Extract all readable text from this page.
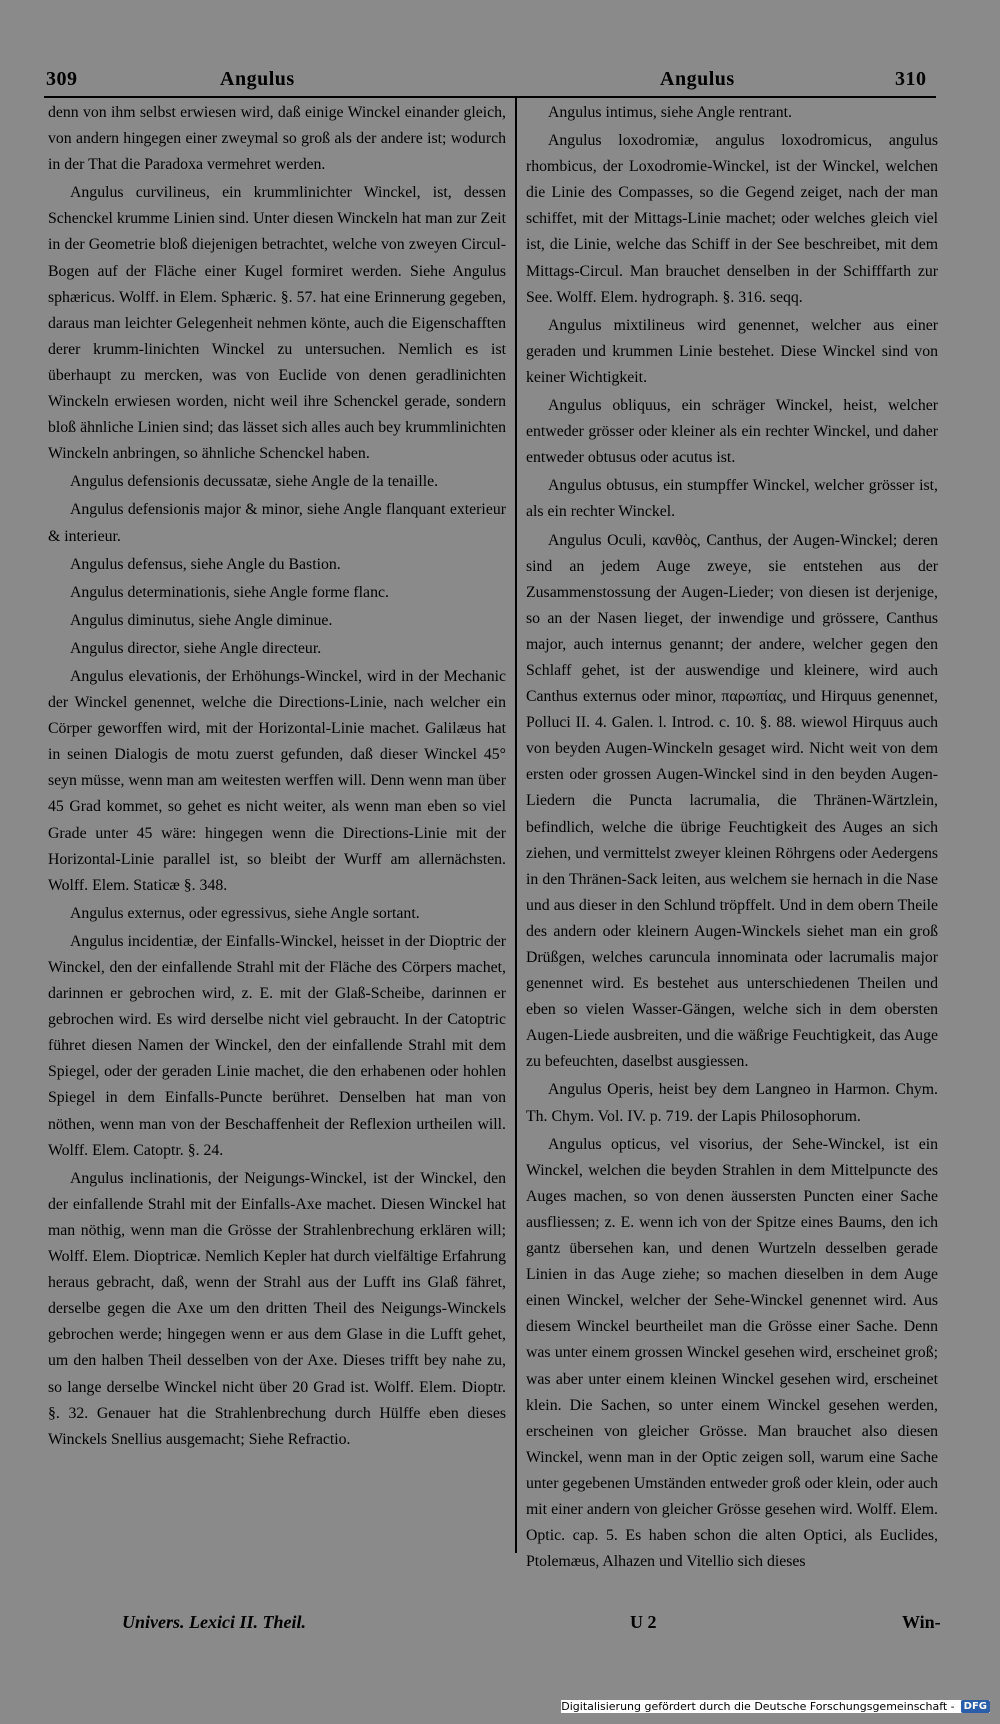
309	Angulus	Angulus	310

denn von ihm selbst erwiesen wird, daß einige Winckel einander gleich, von andern hingegen einer zweymal so groß als der andere ist; wodurch in der That die Paradoxa vermehret werden.

Angulus curvilineus, ein krummlinichter Winckel, ist, dessen Schenckel krumme Linien sind. Unter diesen Winckeln hat man zur Zeit in der Geometrie bloß diejenigen betrachtet, welche von zweyen Circul-Bogen auf der Fläche einer Kugel formiret werden. Siehe Angulus sphæricus. Wolff. in Elem. Sphæric. §. 57. hat eine Erinnerung gegeben, daraus man leichter Gelegenheit nehmen könte, auch die Eigenschafften derer krumm-linichten Winckel zu untersuchen. Nemlich es ist überhaupt zu mercken, was von Euclide von denen geradlinichten Winckeln erwiesen worden, nicht weil ihre Schenckel gerade, sondern bloß ähnliche Linien sind; das lässet sich alles auch bey krummlinichten Winckeln anbringen, so ähnliche Schenckel haben.

Angulus defensionis decussatæ, siehe Angle de la tenaille.

Angulus defensionis major & minor, siehe Angle flanquant exterieur & interieur.

Angulus defensus, siehe Angle du Bastion.

Angulus determinationis, siehe Angle forme flanc.

Angulus diminutus, siehe Angle diminue.

Angulus director, siehe Angle directeur.

Angulus elevationis, der Erhöhungs-Winckel, wird in der Mechanic der Winckel genennet, welche die Directions-Linie, nach welcher ein Cörper geworffen wird, mit der Horizontal-Linie machet. Galilæus hat in seinen Dialogis de motu zuerst gefunden, daß dieser Winckel 45° seyn müsse, wenn man am weitesten werffen will. Denn wenn man über 45 Grad kommet, so gehet es nicht weiter, als wenn man eben so viel Grade unter 45 wäre: hingegen wenn die Directions-Linie mit der Horizontal-Linie parallel ist, so bleibt der Wurff am allernächsten. Wolff. Elem. Staticæ §. 348.

Angulus externus, oder egressivus, siehe Angle sortant.

Angulus incidentiæ, der Einfalls-Winckel, heisset in der Dioptric der Winckel, den der einfallende Strahl mit der Fläche des Cörpers machet, darinnen er gebrochen wird, z. E. mit der Glaß-Scheibe, darinnen er gebrochen wird. Es wird derselbe nicht viel gebraucht. In der Catoptric führet diesen Namen der Winckel, den der einfallende Strahl mit dem Spiegel, oder der geraden Linie machet, die den erhabenen oder hohlen Spiegel in dem Einfalls-Puncte berühret. Denselben hat man von nöthen, wenn man von der Beschaffenheit der Reflexion urtheilen will. Wolff. Elem. Catoptr. §. 24.

Angulus inclinationis, der Neigungs-Winckel, ist der Winckel, den der einfallende Strahl mit der Einfalls-Axe machet. Diesen Winckel hat man nöthig, wenn man die Grösse der Strahlenbrechung erklären will; Wolff. Elem. Dioptricæ. Nemlich Kepler hat durch vielfältige Erfahrung heraus gebracht, daß, wenn der Strahl aus der Lufft ins Glaß fähret, derselbe gegen die Axe um den dritten Theil des Neigungs-Winckels gebrochen werde; hingegen wenn er aus dem Glase in die Lufft gehet, um den halben Theil desselben von der Axe. Dieses trifft bey nahe zu, so lange derselbe Winckel nicht über 20 Grad ist. Wolff. Elem. Dioptr. §. 32. Genauer hat die Strahlenbrechung durch Hülffe eben dieses Winckels Snellius ausgemacht; Siehe Refractio.

Angulus intimus, siehe Angle rentrant.

Angulus loxodromiæ, angulus loxodromicus, angulus rhombicus, der Loxodromie-Winckel, ist der Winckel, welchen die Linie des Compasses, so die Gegend zeiget, nach der man schiffet, mit der Mittags-Linie machet; oder welches gleich viel ist, die Linie, welche das Schiff in der See beschreibet, mit dem Mittags-Circul. Man brauchet denselben in der Schifffarth zur See. Wolff. Elem. hydrograph. §. 316. seqq.

Angulus mixtilineus wird genennet, welcher aus einer geraden und krummen Linie bestehet. Diese Winckel sind von keiner Wichtigkeit.

Angulus obliquus, ein schräger Winckel, heist, welcher entweder grösser oder kleiner als ein rechter Winckel, und daher entweder obtusus oder acutus ist.

Angulus obtusus, ein stumpffer Winckel, welcher grösser ist, als ein rechter Winckel.

Angulus Oculi, κανθὸς, Canthus, der Augen-Winckel; deren sind an jedem Auge zweye, sie entstehen aus der Zusammenstossung der Augen-Lieder; von diesen ist derjenige, so an der Nasen lieget, der inwendige und grössere, Canthus major, auch internus genannt; der andere, welcher gegen den Schlaff gehet, ist der auswendige und kleinere, wird auch Canthus externus oder minor, παρωπίας, und Hirquus genennet, Polluci II. 4. Galen. l. Introd. c. 10. §. 88. wiewol Hirquus auch von beyden Augen-Winckeln gesaget wird. Nicht weit von dem ersten oder grossen Augen-Winckel sind in den beyden Augen-Liedern die Puncta lacrumalia, die Thränen-Wärtzlein, befindlich, welche die übrige Feuchtigkeit des Auges an sich ziehen, und vermittelst zweyer kleinen Röhrgens oder Aedergens in den Thränen-Sack leiten, aus welchem sie hernach in die Nase und aus dieser in den Schlund tröpffelt. Und in dem obern Theile des andern oder kleinern Augen-Winckels siehet man ein groß Drüßgen, welches caruncula innominata oder lacrumalis major genennet wird. Es bestehet aus unterschiedenen Theilen und eben so vielen Wasser-Gängen, welche sich in dem obersten Augen-Liede ausbreiten, und die wäßrige Feuchtigkeit, das Auge zu befeuchten, daselbst ausgiessen.

Angulus Operis, heist bey dem Langneo in Harmon. Chym. Th. Chym. Vol. IV. p. 719. der Lapis Philosophorum.

Angulus opticus, vel visorius, der Sehe-Winckel, ist ein Winckel, welchen die beyden Strahlen in dem Mittelpuncte des Auges machen, so von denen äussersten Puncten einer Sache ausfliessen; z. E. wenn ich von der Spitze eines Baums, den ich gantz übersehen kan, und denen Wurtzeln desselben gerade Linien in das Auge ziehe; so machen dieselben in dem Auge einen Winckel, welcher der Sehe-Winckel genennet wird. Aus diesem Winckel beurtheilet man die Grösse einer Sache. Denn was unter einem grossen Winckel gesehen wird, erscheinet groß; was aber unter einem kleinen Winckel gesehen wird, erscheinet klein. Die Sachen, so unter einem Winckel gesehen werden, erscheinen von gleicher Grösse. Man brauchet also diesen Winckel, wenn man in der Optic zeigen soll, warum eine Sache unter gegebenen Umständen entweder groß oder klein, oder auch mit einer andern von gleicher Grösse gesehen wird. Wolff. Elem. Optic. cap. 5. Es haben schon die alten Optici, als Euclides, Ptolemæus, Alhazen und Vitellio sich dieses

Univers. Lexici II. Theil.	U 2	Win-
Digitalisierung gefördert durch die Deutsche Forschungsgemeinschaft - DFG
